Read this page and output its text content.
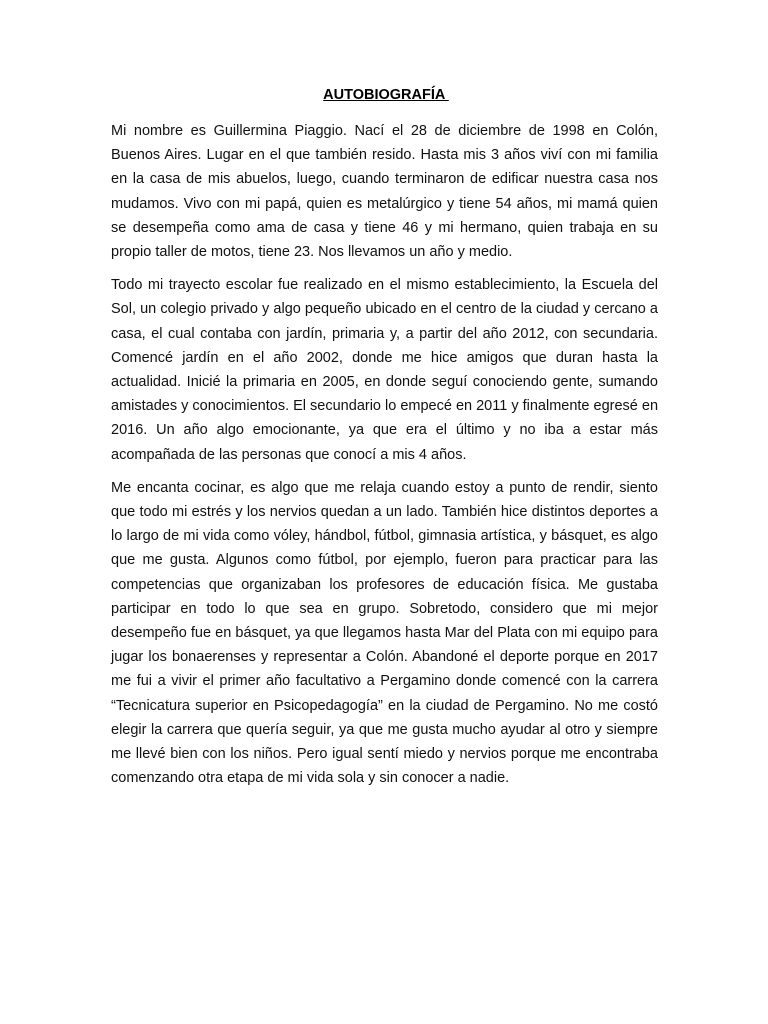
AUTOBIOGRAFÍA

Mi nombre es Guillermina Piaggio. Nací el 28 de diciembre de 1998 en Colón, Buenos Aires. Lugar en el que también resido. Hasta mis 3 años viví con mi familia en la casa de mis abuelos, luego, cuando terminaron de edificar nuestra casa nos mudamos. Vivo con mi papá, quien es metalúrgico y tiene 54 años, mi mamá quien se desempeña como ama de casa y tiene 46 y mi hermano, quien trabaja en su propio taller de motos, tiene 23. Nos llevamos un año y medio.

Todo mi trayecto escolar fue realizado en el mismo establecimiento, la Escuela del Sol, un colegio privado y algo pequeño ubicado en el centro de la ciudad y cercano a casa, el cual contaba con jardín, primaria y, a partir del año 2012, con secundaria. Comencé jardín en el año 2002, donde me hice amigos que duran hasta la actualidad. Inicié la primaria en 2005, en donde seguí conociendo gente, sumando amistades y conocimientos. El secundario lo empecé en 2011 y finalmente egresé en 2016. Un año algo emocionante, ya que era el último y no iba a estar más acompañada de las personas que conocí a mis 4 años.

Me encanta cocinar, es algo que me relaja cuando estoy a punto de rendir, siento que todo mi estrés y los nervios quedan a un lado. También hice distintos deportes a lo largo de mi vida como vóley, hándbol, fútbol, gimnasia artística, y básquet, es algo que me gusta. Algunos como fútbol, por ejemplo, fueron para practicar para las competencias que organizaban los profesores de educación física. Me gustaba participar en todo lo que sea en grupo. Sobretodo, considero que mi mejor desempeño fue en básquet, ya que llegamos hasta Mar del Plata con mi equipo para jugar los bonaerenses y representar a Colón. Abandoné el deporte porque en 2017 me fui a vivir el primer año facultativo a Pergamino donde comencé con la carrera “Tecnicatura superior en Psicopedagogía” en la ciudad de Pergamino. No me costó elegir la carrera que quería seguir, ya que me gusta mucho ayudar al otro y siempre me llevé bien con los niños. Pero igual sentí miedo y nervios porque me encontraba comenzando otra etapa de mi vida sola y sin conocer a nadie.
